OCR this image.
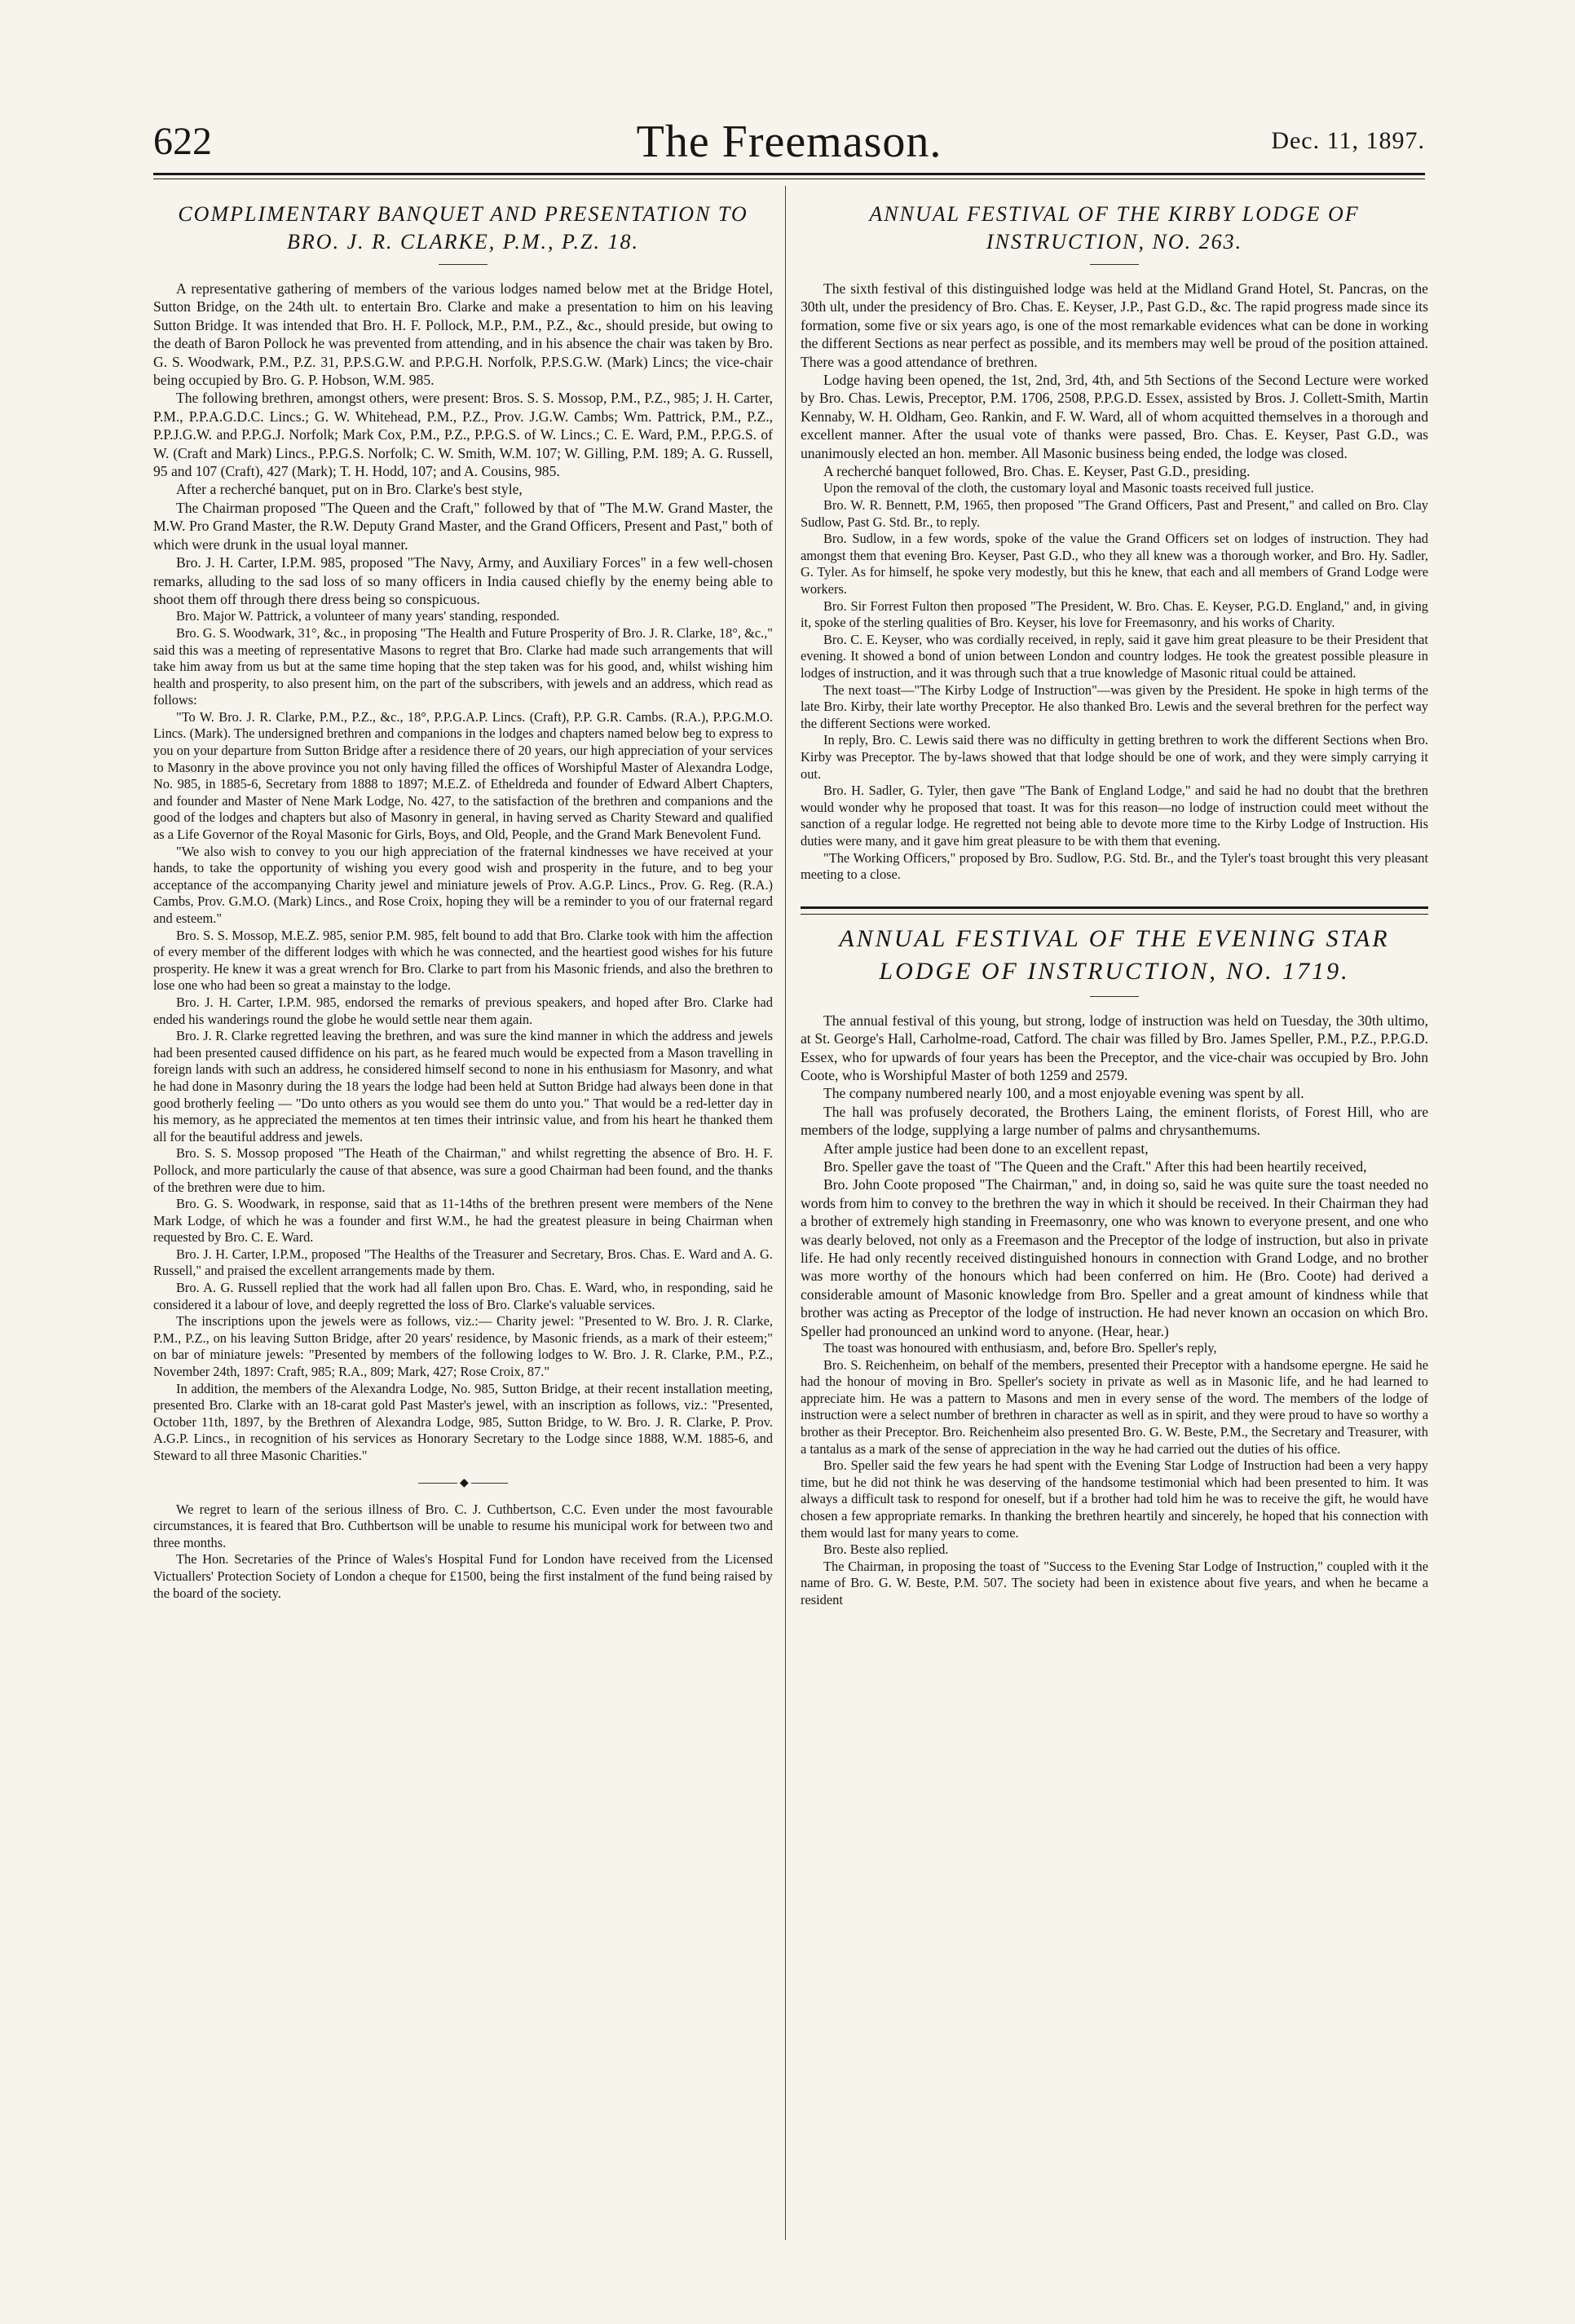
622	The Freemason.	Dec. 11, 1897.
COMPLIMENTARY BANQUET AND PRESENTATION TO BRO. J. R. CLARKE, P.M., P.Z. 18.

A representative gathering of members of the various lodges named below met at the Bridge Hotel, Sutton Bridge, on the 24th ult. to entertain Bro. Clarke and make a presentation to him on his leaving Sutton Bridge. It was intended that Bro. H. F. Pollock, M.P., P.M., P.Z., &c., should preside, but owing to the death of Baron Pollock he was prevented from attending, and in his absence the chair was taken by Bro. G. S. Woodwark, P.M., P.Z. 31, P.P.S.G.W. and P.P.G.H. Norfolk, P.P.S.G.W. (Mark) Lincs; the vice-chair being occupied by Bro. G. P. Hobson, W.M. 985.

The following brethren, amongst others, were present: Bros. S. S. Mossop, P.M., P.Z., 985; J. H. Carter, P.M., P.P.A.G.D.C. Lincs.; G. W. Whitehead, P.M., P.Z., Prov. J.G.W. Cambs; Wm. Pattrick, P.M., P.Z., P.P.J.G.W. and P.P.G.J. Norfolk; Mark Cox, P.M., P.Z., P.P.G.S. of W. Lincs.; C. E. Ward, P.M., P.P.G.S. of W. (Craft and Mark) Lincs., P.P.G.S. Norfolk; C. W. Smith, W.M. 107; W. Gilling, P.M. 189; A. G. Russell, 95 and 107 (Craft), 427 (Mark); T. H. Hodd, 107; and A. Cousins, 985.

After a recherché banquet, put on in Bro. Clarke's best style,

The Chairman proposed "The Queen and the Craft," followed by that of "The M.W. Grand Master, the M.W. Pro Grand Master, the R.W. Deputy Grand Master, and the Grand Officers, Present and Past," both of which were drunk in the usual loyal manner.

Bro. J. H. Carter, I.P.M. 985, proposed "The Navy, Army, and Auxiliary Forces" in a few well-chosen remarks, alluding to the sad loss of so many officers in India caused chiefly by the enemy being able to shoot them off through there dress being so conspicuous.

Bro. Major W. Pattrick, a volunteer of many years' standing, responded.

Bro. G. S. Woodwark, 31°, &c., in proposing "The Health and Future Prosperity of Bro. J. R. Clarke, 18°, &c.," said this was a meeting of representative Masons to regret that Bro. Clarke had made such arrangements that will take him away from us but at the same time hoping that the step taken was for his good, and, whilst wishing him health and prosperity, to also present him, on the part of the subscribers, with jewels and an address, which read as follows:

"To W. Bro. J. R. Clarke, P.M., P.Z., &c., 18°, P.P.G.A.P. Lincs. (Craft), P.P. G.R. Cambs. (R.A.), P.P.G.M.O. Lincs. (Mark). The undersigned brethren and companions in the lodges and chapters named below beg to express to you on your departure from Sutton Bridge after a residence there of 20 years, our high appreciation of your services to Masonry in the above province you not only having filled the offices of Worshipful Master of Alexandra Lodge, No. 985, in 1885-6, Secretary from 1888 to 1897; M.E.Z. of Etheldreda and founder of Edward Albert Chapters, and founder and Master of Nene Mark Lodge, No. 427, to the satisfaction of the brethren and companions and the good of the lodges and chapters but also of Masonry in general, in having served as Charity Steward and qualified as a Life Governor of the Royal Masonic for Girls, Boys, and Old, People, and the Grand Mark Benevolent Fund.

"We also wish to convey to you our high appreciation of the fraternal kindnesses we have received at your hands, to take the opportunity of wishing you every good wish and prosperity in the future, and to beg your acceptance of the accompanying Charity jewel and miniature jewels of Prov. A.G.P. Lincs., Prov. G. Reg. (R.A.) Cambs, Prov. G.M.O. (Mark) Lincs., and Rose Croix, hoping they will be a reminder to you of our fraternal regard and esteem."

Bro. S. S. Mossop, M.E.Z. 985, senior P.M. 985, felt bound to add that Bro. Clarke took with him the affection of every member of the different lodges with which he was connected, and the heartiest good wishes for his future prosperity. He knew it was a great wrench for Bro. Clarke to part from his Masonic friends, and also the brethren to lose one who had been so great a mainstay to the lodge.

Bro. J. H. Carter, I.P.M. 985, endorsed the remarks of previous speakers, and hoped after Bro. Clarke had ended his wanderings round the globe he would settle near them again.

Bro. J. R. Clarke regretted leaving the brethren, and was sure the kind manner in which the address and jewels had been presented caused diffidence on his part, as he feared much would be expected from a Mason travelling in foreign lands with such an address, he considered himself second to none in his enthusiasm for Masonry, and what he had done in Masonry during the 18 years the lodge had been held at Sutton Bridge had always been done in that good brotherly feeling — "Do unto others as you would see them do unto you." That would be a red-letter day in his memory, as he appreciated the mementos at ten times their intrinsic value, and from his heart he thanked them all for the beautiful address and jewels.

Bro. S. S. Mossop proposed "The Heath of the Chairman," and whilst regretting the absence of Bro. H. F. Pollock, and more particularly the cause of that absence, was sure a good Chairman had been found, and the thanks of the brethren were due to him.

Bro. G. S. Woodwark, in response, said that as 11-14ths of the brethren present were members of the Nene Mark Lodge, of which he was a founder and first W.M., he had the greatest pleasure in being Chairman when requested by Bro. C. E. Ward.

Bro. J. H. Carter, I.P.M., proposed "The Healths of the Treasurer and Secretary, Bros. Chas. E. Ward and A. G. Russell," and praised the excellent arrangements made by them.

Bro. A. G. Russell replied that the work had all fallen upon Bro. Chas. E. Ward, who, in responding, said he considered it a labour of love, and deeply regretted the loss of Bro. Clarke's valuable services.

The inscriptions upon the jewels were as follows, viz.:— Charity jewel: "Presented to W. Bro. J. R. Clarke, P.M., P.Z., on his leaving Sutton Bridge, after 20 years' residence, by Masonic friends, as a mark of their esteem;" on bar of miniature jewels: "Presented by members of the following lodges to W. Bro. J. R. Clarke, P.M., P.Z., November 24th, 1897: Craft, 985; R.A., 809; Mark, 427; Rose Croix, 87."

In addition, the members of the Alexandra Lodge, No. 985, Sutton Bridge, at their recent installation meeting, presented Bro. Clarke with an 18-carat gold Past Master's jewel, with an inscription as follows, viz.: "Presented, October 11th, 1897, by the Brethren of Alexandra Lodge, 985, Sutton Bridge, to W. Bro. J. R. Clarke, P. Prov. A.G.P. Lincs., in recognition of his services as Honorary Secretary to the Lodge since 1888, W.M. 1885-6, and Steward to all three Masonic Charities."

◆

We regret to learn of the serious illness of Bro. C. J. Cuthbertson, C.C. Even under the most favourable circumstances, it is feared that Bro. Cuthbertson will be unable to resume his municipal work for between two and three months.

The Hon. Secretaries of the Prince of Wales's Hospital Fund for London have received from the Licensed Victuallers' Protection Society of London a cheque for £1500, being the first instalment of the fund being raised by the board of the society.

ANNUAL FESTIVAL OF THE KIRBY LODGE OF INSTRUCTION, NO. 263.

The sixth festival of this distinguished lodge was held at the Midland Grand Hotel, St. Pancras, on the 30th ult, under the presidency of Bro. Chas. E. Keyser, J.P., Past G.D., &c. The rapid progress made since its formation, some five or six years ago, is one of the most remarkable evidences what can be done in working the different Sections as near perfect as possible, and its members may well be proud of the position attained. There was a good attendance of brethren.

Lodge having been opened, the 1st, 2nd, 3rd, 4th, and 5th Sections of the Second Lecture were worked by Bro. Chas. Lewis, Preceptor, P.M. 1706, 2508, P.P.G.D. Essex, assisted by Bros. J. Collett-Smith, Martin Kennaby, W. H. Oldham, Geo. Rankin, and F. W. Ward, all of whom acquitted themselves in a thorough and excellent manner. After the usual vote of thanks were passed, Bro. Chas. E. Keyser, Past G.D., was unanimously elected an hon. member. All Masonic business being ended, the lodge was closed.

A recherché banquet followed, Bro. Chas. E. Keyser, Past G.D., presiding.

Upon the removal of the cloth, the customary loyal and Masonic toasts received full justice.

Bro. W. R. Bennett, P.M, 1965, then proposed "The Grand Officers, Past and Present," and called on Bro. Clay Sudlow, Past G. Std. Br., to reply.

Bro. Sudlow, in a few words, spoke of the value the Grand Officers set on lodges of instruction. They had amongst them that evening Bro. Keyser, Past G.D., who they all knew was a thorough worker, and Bro. Hy. Sadler, G. Tyler. As for himself, he spoke very modestly, but this he knew, that each and all members of Grand Lodge were workers.

Bro. Sir Forrest Fulton then proposed "The President, W. Bro. Chas. E. Keyser, P.G.D. England," and, in giving it, spoke of the sterling qualities of Bro. Keyser, his love for Freemasonry, and his works of Charity.

Bro. C. E. Keyser, who was cordially received, in reply, said it gave him great pleasure to be their President that evening. It showed a bond of union between London and country lodges. He took the greatest possible pleasure in lodges of instruction, and it was through such that a true knowledge of Masonic ritual could be attained.

The next toast—"The Kirby Lodge of Instruction"—was given by the President. He spoke in high terms of the late Bro. Kirby, their late worthy Preceptor. He also thanked Bro. Lewis and the several brethren for the perfect way the different Sections were worked.

In reply, Bro. C. Lewis said there was no difficulty in getting brethren to work the different Sections when Bro. Kirby was Preceptor. The by-laws showed that that lodge should be one of work, and they were simply carrying it out.

Bro. H. Sadler, G. Tyler, then gave "The Bank of England Lodge," and said he had no doubt that the brethren would wonder why he proposed that toast. It was for this reason—no lodge of instruction could meet without the sanction of a regular lodge. He regretted not being able to devote more time to the Kirby Lodge of Instruction. His duties were many, and it gave him great pleasure to be with them that evening.

"The Working Officers," proposed by Bro. Sudlow, P.G. Std. Br., and the Tyler's toast brought this very pleasant meeting to a close.

ANNUAL FESTIVAL OF THE EVENING STAR LODGE OF INSTRUCTION, NO. 1719.

The annual festival of this young, but strong, lodge of instruction was held on Tuesday, the 30th ultimo, at St. George's Hall, Carholme-road, Catford. The chair was filled by Bro. James Speller, P.M., P.Z., P.P.G.D. Essex, who for upwards of four years has been the Preceptor, and the vice-chair was occupied by Bro. John Coote, who is Worshipful Master of both 1259 and 2579.

The company numbered nearly 100, and a most enjoyable evening was spent by all.

The hall was profusely decorated, the Brothers Laing, the eminent florists, of Forest Hill, who are members of the lodge, supplying a large number of palms and chrysanthemums.

After ample justice had been done to an excellent repast,

Bro. Speller gave the toast of "The Queen and the Craft." After this had been heartily received,

Bro. John Coote proposed "The Chairman," and, in doing so, said he was quite sure the toast needed no words from him to convey to the brethren the way in which it should be received. In their Chairman they had a brother of extremely high standing in Freemasonry, one who was known to everyone present, and one who was dearly beloved, not only as a Freemason and the Preceptor of the lodge of instruction, but also in private life. He had only recently received distinguished honours in connection with Grand Lodge, and no brother was more worthy of the honours which had been conferred on him. He (Bro. Coote) had derived a considerable amount of Masonic knowledge from Bro. Speller and a great amount of kindness while that brother was acting as Preceptor of the lodge of instruction. He had never known an occasion on which Bro. Speller had pronounced an unkind word to anyone. (Hear, hear.)

The toast was honoured with enthusiasm, and, before Bro. Speller's reply,

Bro. S. Reichenheim, on behalf of the members, presented their Preceptor with a handsome epergne. He said he had the honour of moving in Bro. Speller's society in private as well as in Masonic life, and he had learned to appreciate him. He was a pattern to Masons and men in every sense of the word. The members of the lodge of instruction were a select number of brethren in character as well as in spirit, and they were proud to have so worthy a brother as their Preceptor. Bro. Reichenheim also presented Bro. G. W. Beste, P.M., the Secretary and Treasurer, with a tantalus as a mark of the sense of appreciation in the way he had carried out the duties of his office.

Bro. Speller said the few years he had spent with the Evening Star Lodge of Instruction had been a very happy time, but he did not think he was deserving of the handsome testimonial which had been presented to him. It was always a difficult task to respond for oneself, but if a brother had told him he was to receive the gift, he would have chosen a few appropriate remarks. In thanking the brethren heartily and sincerely, he hoped that his connection with them would last for many years to come.

Bro. Beste also replied.

The Chairman, in proposing the toast of "Success to the Evening Star Lodge of Instruction," coupled with it the name of Bro. G. W. Beste, P.M. 507. The society had been in existence about five years, and when he became a resident
